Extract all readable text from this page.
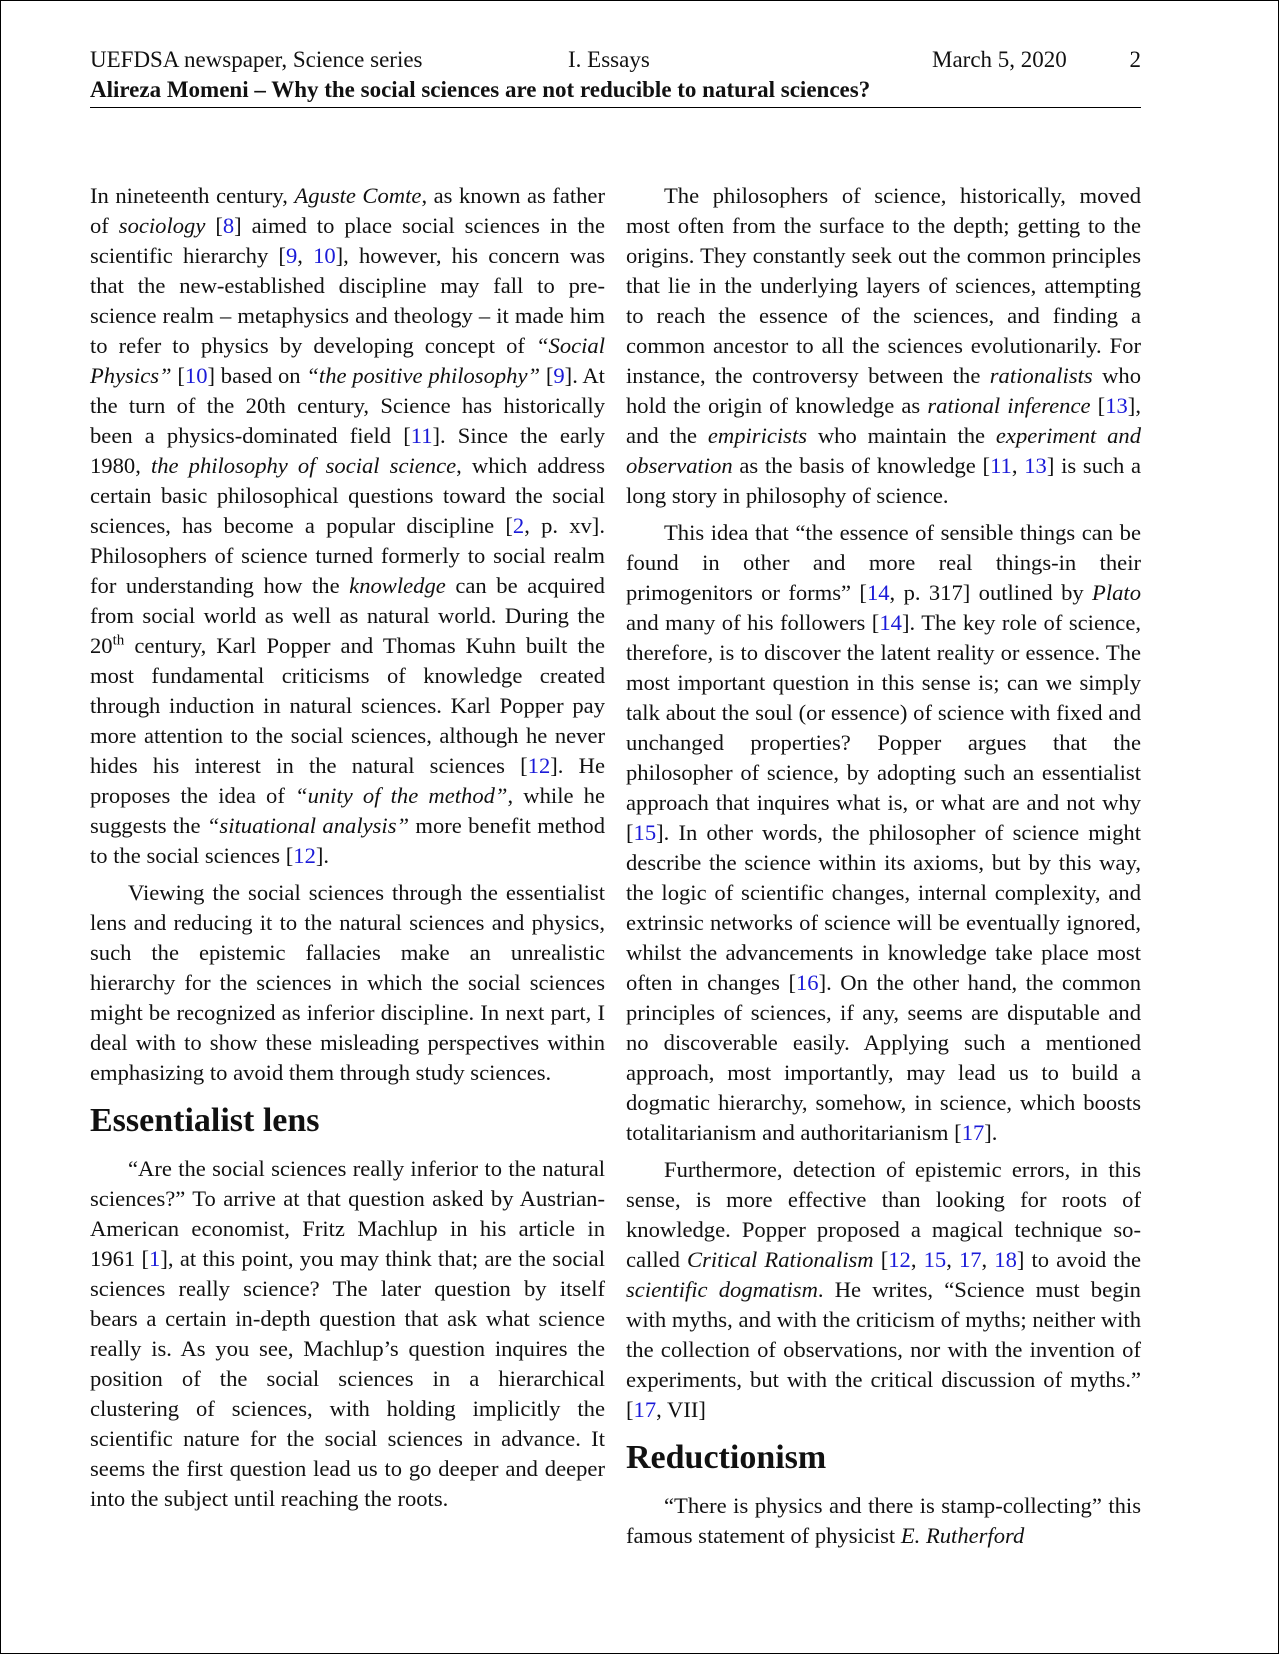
UEFDSA newspaper, Science series	I. Essays	March 5, 2020	2
Alireza Momeni – Why the social sciences are not reducible to natural sciences?

In nineteenth century, Aguste Comte, as known as father of sociology [8] aimed to place social sciences in the scientific hierarchy [9, 10], however, his concern was that the new-established discipline may fall to pre-science realm – metaphysics and theology – it made him to refer to physics by developing concept of “Social Physics” [10] based on “the positive philosophy” [9]. At the turn of the 20th century, Science has historically been a physics-dominated field [11]. Since the early 1980, the philosophy of social science, which address certain basic philosophical questions toward the social sciences, has become a popular discipline [2, p. xv]. Philosophers of science turned formerly to social realm for understanding how the knowledge can be acquired from social world as well as natural world. During the 20th century, Karl Popper and Thomas Kuhn built the most fundamental criticisms of knowledge created through induction in natural sciences. Karl Popper pay more attention to the social sciences, although he never hides his interest in the natural sciences [12]. He proposes the idea of “unity of the method”, while he suggests the “situational analysis” more benefit method to the social sciences [12].

Viewing the social sciences through the essentialist lens and reducing it to the natural sciences and physics, such the epistemic fallacies make an unrealistic hierarchy for the sciences in which the social sciences might be recognized as inferior discipline. In next part, I deal with to show these misleading perspectives within emphasizing to avoid them through study sciences.

Essentialist lens

“Are the social sciences really inferior to the natural sciences?” To arrive at that question asked by Austrian-American economist, Fritz Machlup in his article in 1961 [1], at this point, you may think that; are the social sciences really science? The later question by itself bears a certain in-depth question that ask what science really is. As you see, Machlup’s question inquires the position of the social sciences in a hierarchical clustering of sciences, with holding implicitly the scientific nature for the social sciences in advance. It seems the first question lead us to go deeper and deeper into the subject until reaching the roots.

The philosophers of science, historically, moved most often from the surface to the depth; getting to the origins. They constantly seek out the common principles that lie in the underlying layers of sciences, attempting to reach the essence of the sciences, and finding a common ancestor to all the sciences evolutionarily. For instance, the controversy between the rationalists who hold the origin of knowledge as rational inference [13], and the empiricists who maintain the experiment and observation as the basis of knowledge [11, 13] is such a long story in philosophy of science.

This idea that “the essence of sensible things can be found in other and more real things-in their primogenitors or forms” [14, p. 317] outlined by Plato and many of his followers [14]. The key role of science, therefore, is to discover the latent reality or essence. The most important question in this sense is; can we simply talk about the soul (or essence) of science with fixed and unchanged properties? Popper argues that the philosopher of science, by adopting such an essentialist approach that inquires what is, or what are and not why [15]. In other words, the philosopher of science might describe the science within its axioms, but by this way, the logic of scientific changes, internal complexity, and extrinsic networks of science will be eventually ignored, whilst the advancements in knowledge take place most often in changes [16]. On the other hand, the common principles of sciences, if any, seems are disputable and no discoverable easily. Applying such a mentioned approach, most importantly, may lead us to build a dogmatic hierarchy, somehow, in science, which boosts totalitarianism and authoritarianism [17].

Furthermore, detection of epistemic errors, in this sense, is more effective than looking for roots of knowledge. Popper proposed a magical technique so-called Critical Rationalism [12, 15, 17, 18] to avoid the scientific dogmatism. He writes, “Science must begin with myths, and with the criticism of myths; neither with the collection of observations, nor with the invention of experiments, but with the critical discussion of myths.” [17, VII]

Reductionism

“There is physics and there is stamp-collecting” this famous statement of physicist E. Rutherford
